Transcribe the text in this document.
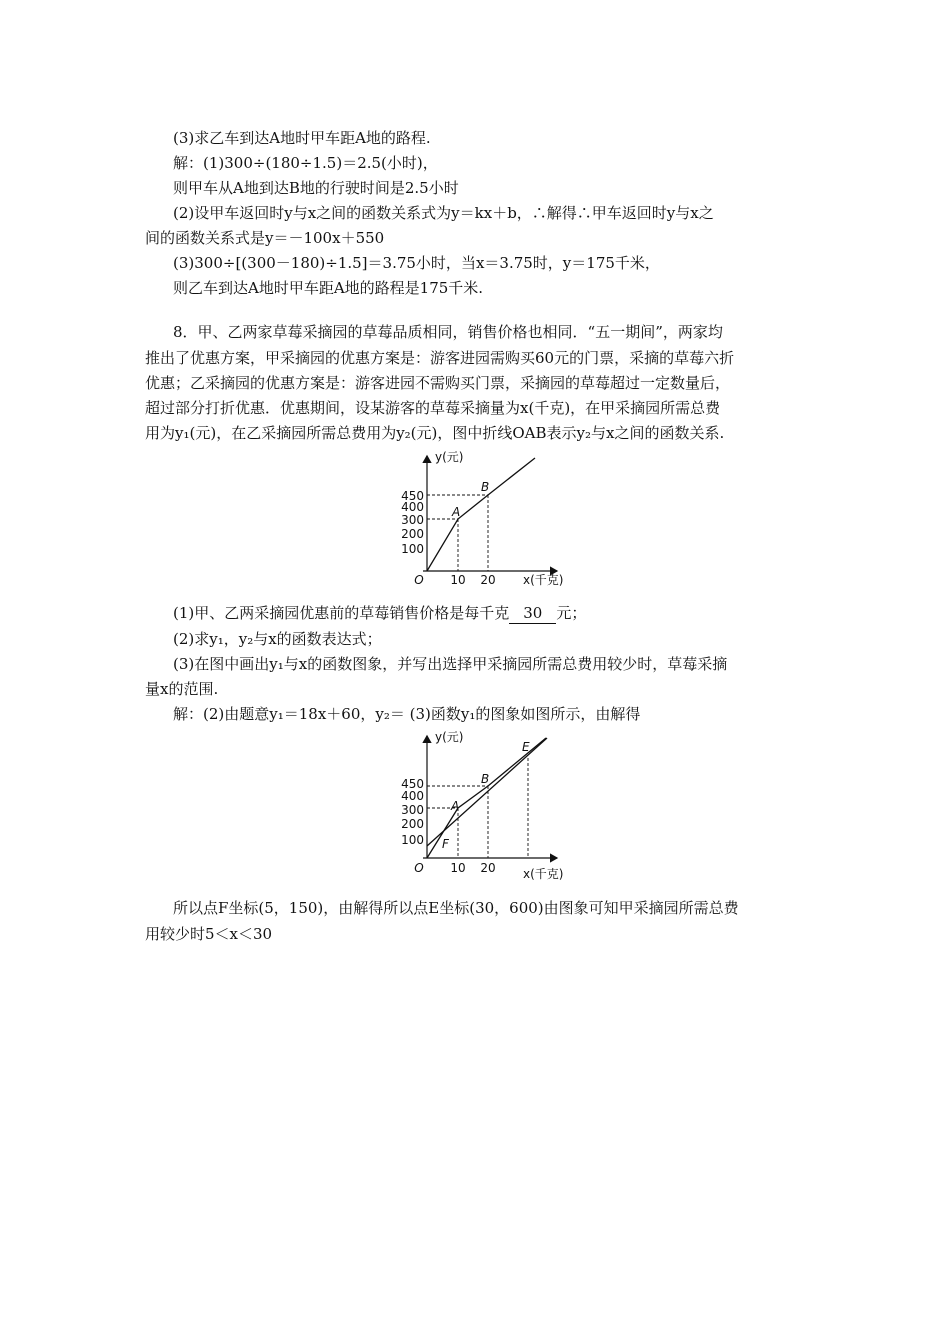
(3)求乙车到达A地时甲车距A地的路程.
解：(1)300÷(180÷1.5)＝2.5(小时)，
则甲车从A地到达B地的行驶时间是2.5小时
(2)设甲车返回时y与x之间的函数关系式为y＝kx＋b，∴解得∴甲车返回时y与x之
间的函数关系式是y＝－100x＋550
(3)300÷[(300－180)÷1.5]＝3.75小时，当x＝3.75时，y＝175千米，
则乙车到达A地时甲车距A地的路程是175千米.
8．甲、乙两家草莓采摘园的草莓品质相同，销售价格也相同．“五一期间”，两家均
推出了优惠方案，甲采摘园的优惠方案是：游客进园需购买60元的门票，采摘的草莓六折
优惠；乙采摘园的优惠方案是：游客进园不需购买门票，采摘园的草莓超过一定数量后，
超过部分打折优惠．优惠期间，设某游客的草莓采摘量为x(千克)，在甲采摘园所需总费
用为y₁(元)，在乙采摘园所需总费用为y₂(元)，图中折线OAB表示y₂与x之间的函数关系.
450
400
300
200
100
10 20
O
y(元)
x(千克)
A
B
(1)甲、乙两采摘园优惠前的草莓销售价格是每千克 30 元；
(2)求y₁，y₂与x的函数表达式；
(3)在图中画出y₁与x的函数图象，并写出选择甲采摘园所需总费用较少时，草莓采摘
量x的范围.
解：(2)由题意y₁＝18x＋60，y₂＝ (3)函数y₁的图象如图所示，由解得
450
400
300
200
100
10 20
O
y(元)
x(千克)
A
B
E
F
所以点F坐标(5，150)，由解得所以点E坐标(30，600)由图象可知甲采摘园所需总费
用较少时5＜x＜30
